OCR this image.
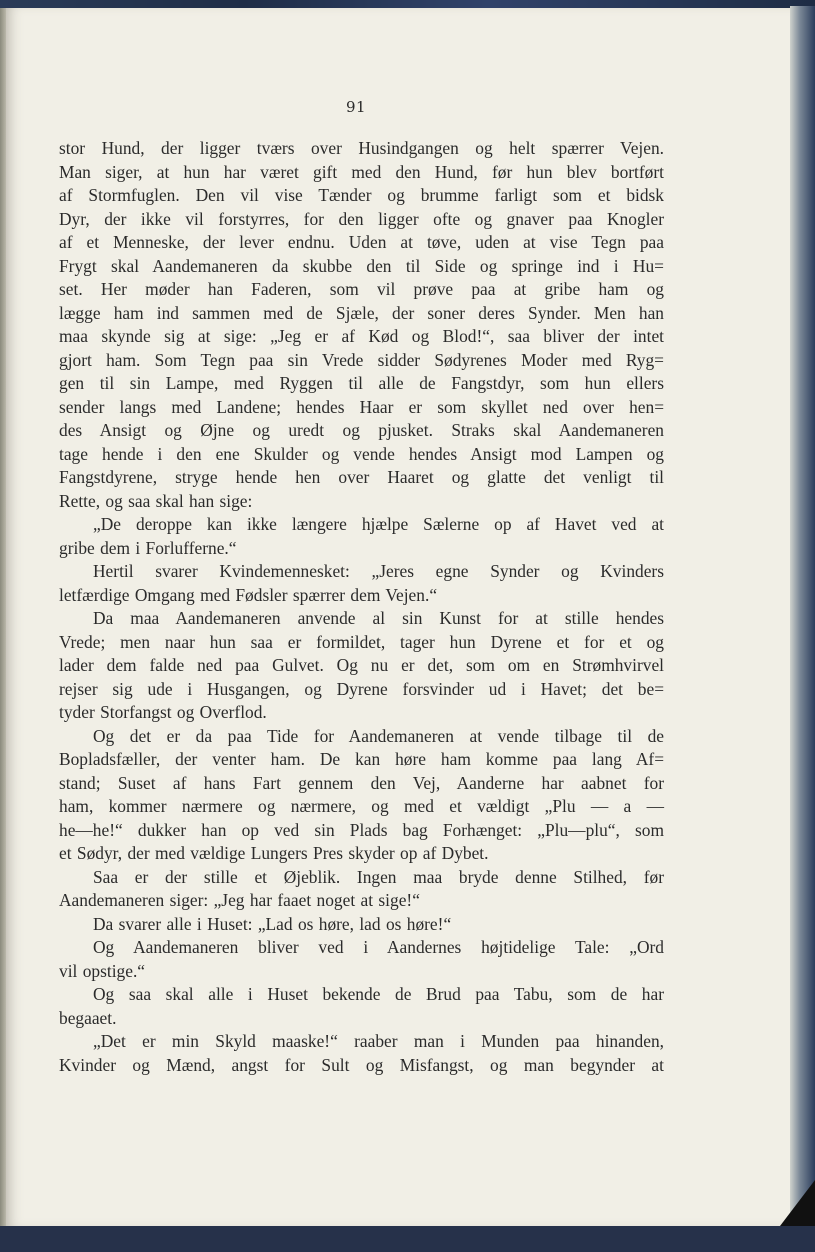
91

stor Hund, der ligger tværs over Husindgangen og helt spærrer Vejen.
Man siger, at hun har været gift med den Hund, før hun blev bortført
af Stormfuglen. Den vil vise Tænder og brumme farligt som et bidsk
Dyr, der ikke vil forstyrres, for den ligger ofte og gnaver paa Knogler
af et Menneske, der lever endnu. Uden at tøve, uden at vise Tegn paa
Frygt skal Aandemaneren da skubbe den til Side og springe ind i Hu=
set. Her møder han Faderen, som vil prøve paa at gribe ham og
lægge ham ind sammen med de Sjæle, der soner deres Synder. Men han
maa skynde sig at sige: „Jeg er af Kød og Blod!“, saa bliver der intet
gjort ham. Som Tegn paa sin Vrede sidder Sødyrenes Moder med Ryg=
gen til sin Lampe, med Ryggen til alle de Fangstdyr, som hun ellers
sender langs med Landene; hendes Haar er som skyllet ned over hen=
des Ansigt og Øjne og uredt og pjusket. Straks skal Aandemaneren
tage hende i den ene Skulder og vende hendes Ansigt mod Lampen og
Fangstdyrene, stryge hende hen over Haaret og glatte det venligt til
Rette, og saa skal han sige:
„De deroppe kan ikke længere hjælpe Sælerne op af Havet ved at
gribe dem i Forlufferne.“
Hertil svarer Kvindemennesket: „Jeres egne Synder og Kvinders
letfærdige Omgang med Fødsler spærrer dem Vejen.“
Da maa Aandemaneren anvende al sin Kunst for at stille hendes
Vrede; men naar hun saa er formildet, tager hun Dyrene et for et og
lader dem falde ned paa Gulvet. Og nu er det, som om en Strømhvirvel
rejser sig ude i Husgangen, og Dyrene forsvinder ud i Havet; det be=
tyder Storfangst og Overflod.
Og det er da paa Tide for Aandemaneren at vende tilbage til de
Bopladsfæller, der venter ham. De kan høre ham komme paa lang Af=
stand; Suset af hans Fart gennem den Vej, Aanderne har aabnet for
ham, kommer nærmere og nærmere, og med et vældigt „Plu — a —
he—he!“ dukker han op ved sin Plads bag Forhænget: „Plu—plu“, som
et Sødyr, der med vældige Lungers Pres skyder op af Dybet.
Saa er der stille et Øjeblik. Ingen maa bryde denne Stilhed, før
Aandemaneren siger: „Jeg har faaet noget at sige!“
Da svarer alle i Huset: „Lad os høre, lad os høre!“
Og Aandemaneren bliver ved i Aandernes højtidelige Tale: „Ord
vil opstige.“
Og saa skal alle i Huset bekende de Brud paa Tabu, som de har
begaaet.
„Det er min Skyld maaske!“ raaber man i Munden paa hinanden,
Kvinder og Mænd, angst for Sult og Misfangst, og man begynder at
